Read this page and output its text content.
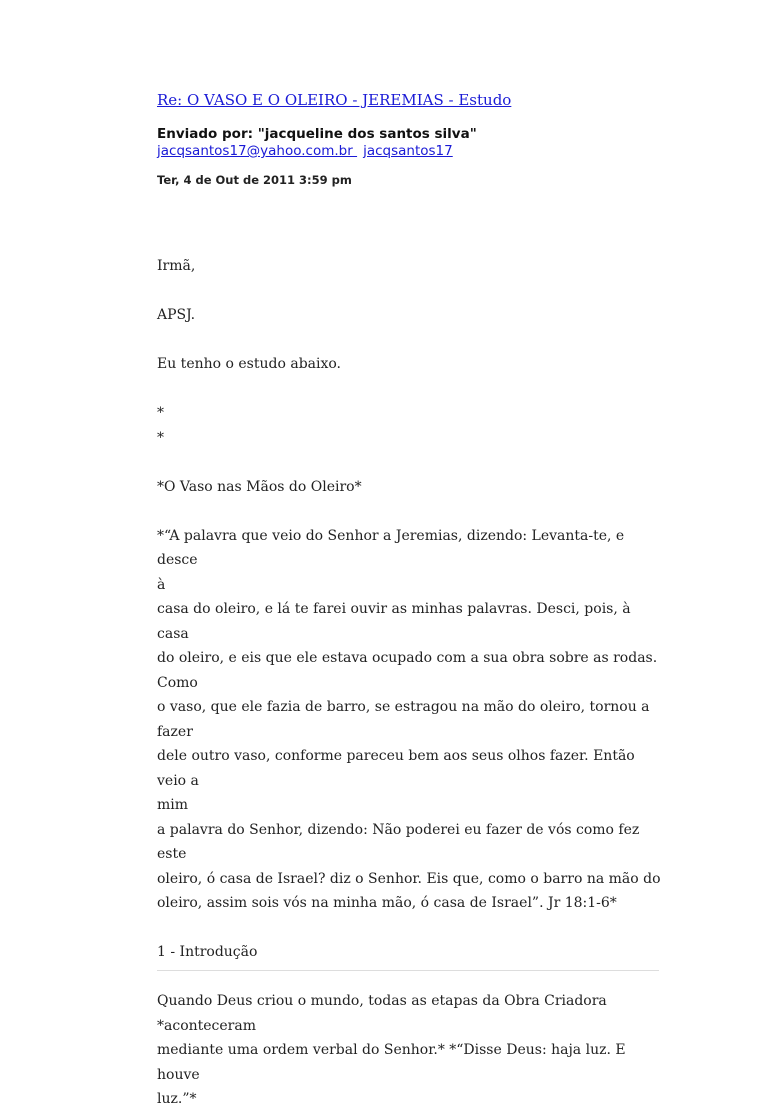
Re: O VASO E O OLEIRO - JEREMIAS - Estudo
Enviado por: "jacqueline dos santos silva"
jacqsantos17@yahoo.com.br jacqsantos17
Ter, 4 de Out de 2011 3:59 pm

Irmã,

APSJ.

Eu tenho o estudo abaixo.

*

*

*O Vaso nas Mãos do Oleiro*

*“A palavra que veio do Senhor a Jeremias, dizendo: Levanta-te, e desce

à

casa do oleiro, e lá te farei ouvir as minhas palavras. Desci, pois, à casa

do oleiro, e eis que ele estava ocupado com a sua obra sobre as rodas.

Como

o vaso, que ele fazia de barro, se estragou na mão do oleiro, tornou a fazer

dele outro vaso, conforme pareceu bem aos seus olhos fazer. Então veio a

mim

a palavra do Senhor, dizendo: Não poderei eu fazer de vós como fez este

oleiro, ó casa de Israel? diz o Senhor. Eis que, como o barro na mão do

oleiro, assim sois vós na minha mão, ó casa de Israel”. Jr 18:1-6*

1 - Introdução

Quando Deus criou o mundo, todas as etapas da Obra Criadora

*aconteceram

mediante uma ordem verbal do Senhor.* *“Disse Deus: haja luz. E houve

luz.”*
